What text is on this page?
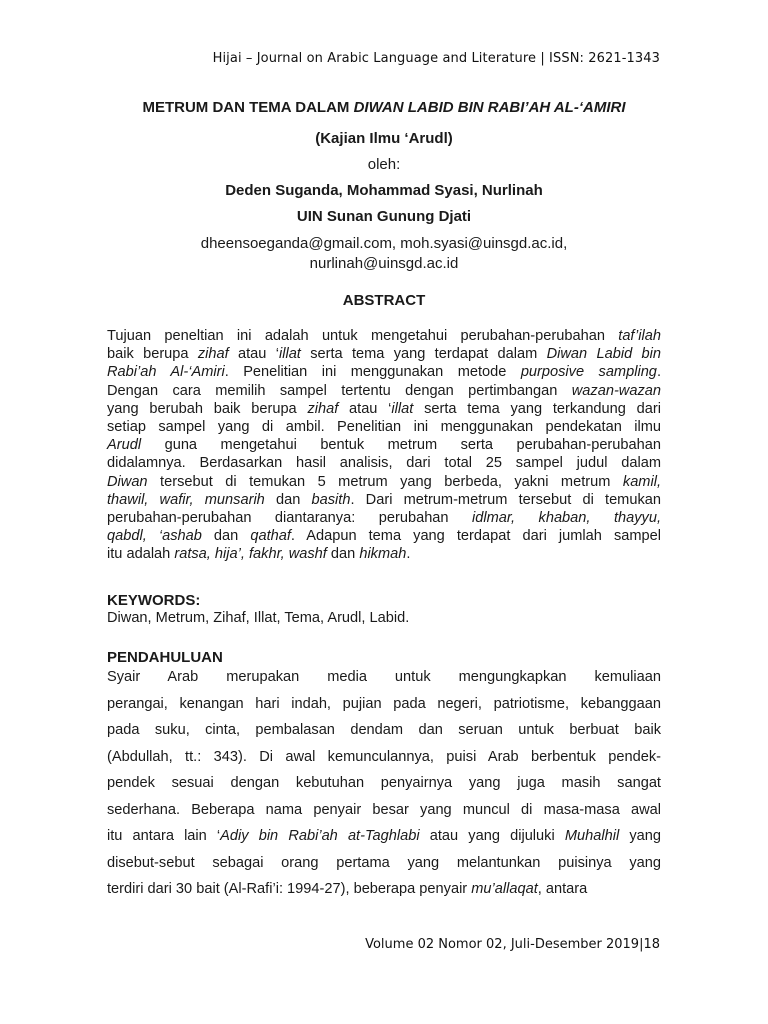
Hijai – Journal on Arabic Language and Literature | ISSN: 2621-1343
METRUM DAN TEMA DALAM DIWAN LABID BIN RABI’AH AL-‘AMIRI
(Kajian Ilmu ‘Arudl)
oleh:
Deden Suganda, Mohammad Syasi, Nurlinah
UIN Sunan Gunung Djati
dheensoeganda@gmail.com, moh.syasi@uinsgd.ac.id,
nurlinah@uinsgd.ac.id
ABSTRACT
Tujuan peneltian ini adalah untuk mengetahui perubahan-perubahan taf’ilah
baik berupa zihaf atau ‘illat serta tema yang terdapat dalam Diwan Labid bin
Rabi’ah Al-‘Amiri. Penelitian ini menggunakan metode purposive sampling.
Dengan cara memilih sampel tertentu dengan pertimbangan wazan-wazan
yang berubah baik berupa zihaf atau ‘illat serta tema yang terkandung dari
setiap sampel yang di ambil. Penelitian ini menggunakan pendekatan ilmu
Arudl guna mengetahui bentuk metrum serta perubahan-perubahan
didalamnya. Berdasarkan hasil analisis, dari total 25 sampel judul dalam
Diwan tersebut di temukan 5 metrum yang berbeda, yakni metrum kamil,
thawil, wafir, munsarih dan basith. Dari metrum-metrum tersebut di temukan
perubahan-perubahan diantaranya: perubahan idlmar, khaban, thayyu,
qabdl, ‘ashab dan qathaf. Adapun tema yang terdapat dari jumlah sampel
itu adalah ratsa, hija’, fakhr, washf dan hikmah.
KEYWORDS:
Diwan, Metrum, Zihaf, Illat, Tema, Arudl, Labid.
PENDAHULUAN
Syair Arab merupakan media untuk mengungkapkan kemuliaan
perangai, kenangan hari indah, pujian pada negeri, patriotisme, kebanggaan
pada suku, cinta, pembalasan dendam dan seruan untuk berbuat baik
(Abdullah, tt.: 343). Di awal kemunculannya, puisi Arab berbentuk pendek-
pendek sesuai dengan kebutuhan penyairnya yang juga masih sangat
sederhana. Beberapa nama penyair besar yang muncul di masa-masa awal
itu antara lain ‘Adiy bin Rabi’ah at-Taghlabi atau yang dijuluki Muhalhil yang
disebut-sebut sebagai orang pertama yang melantunkan puisinya yang
terdiri dari 30 bait (Al-Rafi’i: 1994-27), beberapa penyair mu’allaqat, antara
Volume 02 Nomor 02, Juli-Desember 2019|18
